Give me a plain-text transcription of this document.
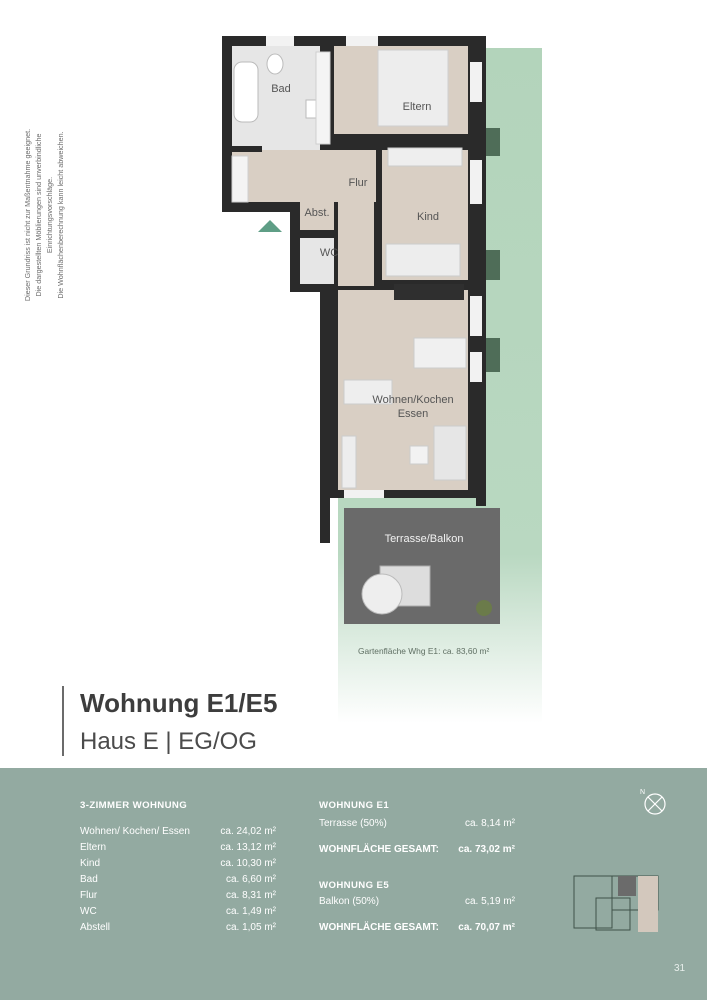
Dieser Grundriss ist nicht zur Maßentnahme geeignet. Die dargestellten Möblierungen sind unverbindliche Einrichtungsvorschläge. Die Wohnflächenberechnung kann leicht abweichen.
Bad
Eltern
Flur
Abst.	Kind
WC
Wohnen/Kochen
Essen
Terrasse/Balkon
Gartenfläche Whg E1: ca. 83,60 m²
Wohnung E1/E5
Haus E | EG/OG
3-ZIMMER WOHNUNG
Wohnen/ Kochen/ Essen	ca. 24,02 m²
Eltern	ca. 13,12 m²
Kind	ca. 10,30 m²
Bad	ca. 6,60 m²
Flur	ca. 8,31 m²
WC	ca. 1,49 m²
Abstell	ca. 1,05 m²
WOHNUNG E1
Terrasse (50%)	ca. 8,14 m²
WOHNFLÄCHE GESAMT: ca. 73,02 m²
WOHNUNG E5
Balkon (50%)	ca. 5,19 m²
WOHNFLÄCHE GESAMT: ca. 70,07 m²
N
31
